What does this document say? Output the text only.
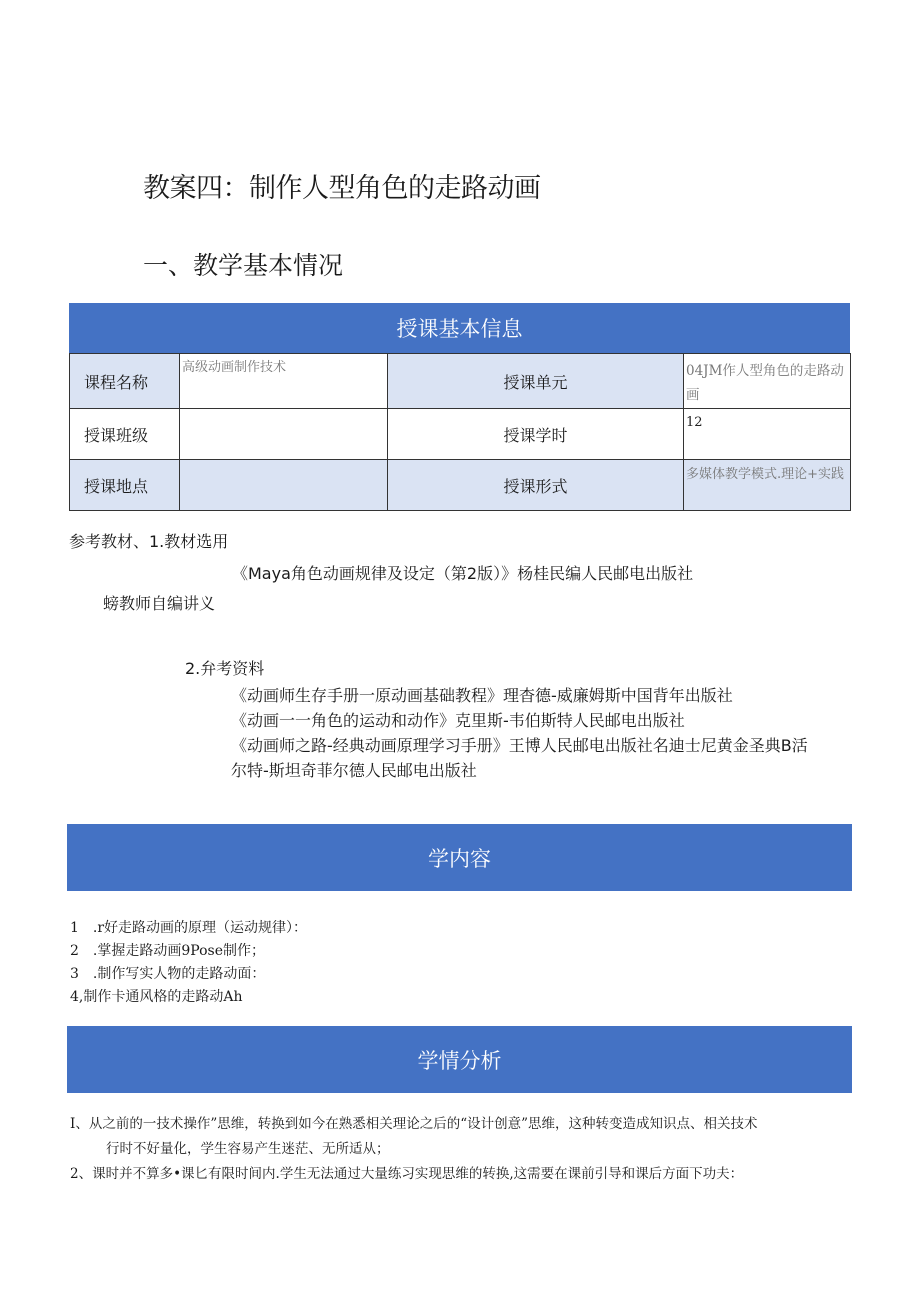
教案四：制作人型角色的走路动画
一、教学基本情况
授课基本信息
课程名称	高级动画制作技术	授课单元	04JM作人型角色的走路动画

授课班级		授课学时	12
授课地点		授课形式	多媒体教学模式.理论+实践
参考教材、1.教材选用
《Maya角色动画规律及设定（第2版）》杨桂民编人民邮电出版社
螃教师自编讲义
2.弁考资料
《动画师生存手册一原动画基础教程》理杳德-威廉姆斯中国背年出版社
《动画一一角色的运动和动作》克里斯-韦伯斯特人民邮电出版社
《动画师之路-经典动画原理学习手册》王博人民邮电出版社名迪士尼黄金圣典B活
尔特-斯坦奇菲尔德人民邮电出版社
学内容
1　.r好走路动画的原理（运动规律）：
2　.掌握走路动画9Pose制作；
3　.制作写实人物的走路动面：
4,制作卡通风格的走路动Ah
学情分析
I、从之前的一技术操作”思维，转换到如今在熟悉相关理论之后的“设计创意”思维，这种转变造成知识点、相关技术
行时不好量化，学生容易产生迷茫、无所适从；
2、课时并不算多•课匕有限时间内.学生无法通过大量练习实现思维的转换,这需要在课前引导和课后方面下功夫：
